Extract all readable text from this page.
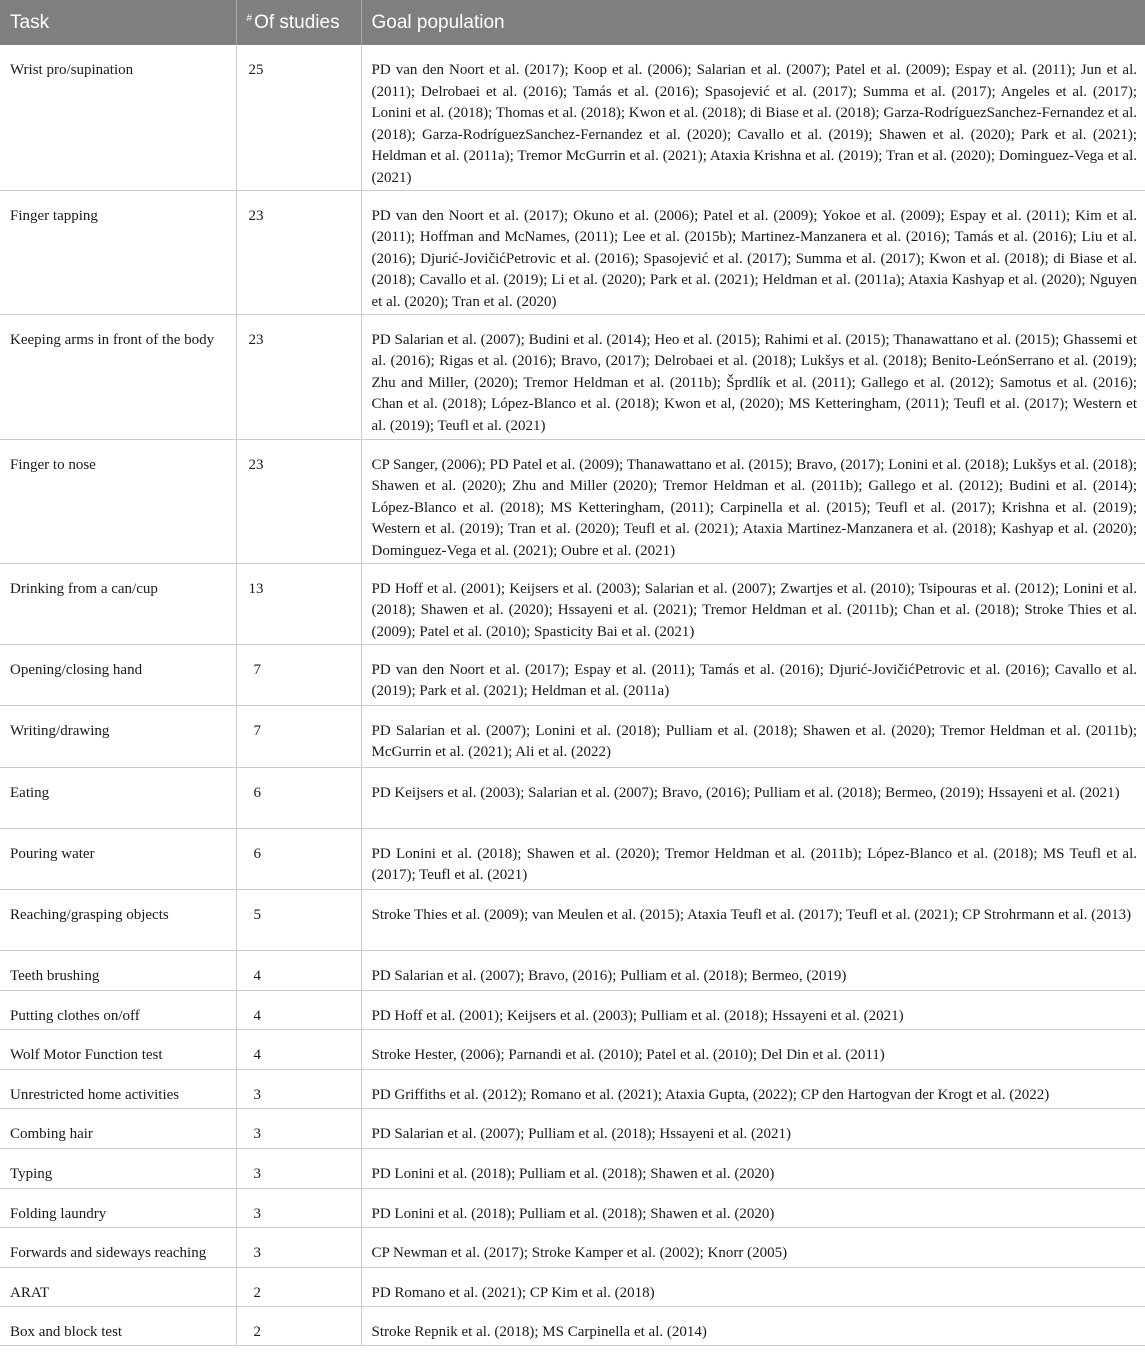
Task	# Of studies	Goal population
Wrist pro/supination	25	PD van den Noort et al. (2017); Koop et al. (2006); Salarian et al. (2007); Patel et al. (2009); Espay et al. (2011); Jun et al. (2011); Delrobaei et al. (2016); Tamás et al. (2016); Spasojević et al. (2017); Summa et al. (2017); Angeles et al. (2017); Lonini et al. (2018); Thomas et al. (2018); Kwon et al. (2018); di Biase et al. (2018); Garza-RodríguezSanchez-Fernandez et al. (2018); Garza-RodríguezSanchez-Fernandez et al. (2020); Cavallo et al. (2019); Shawen et al. (2020); Park et al. (2021); Heldman et al. (2011a); Tremor McGurrin et al. (2021); Ataxia Krishna et al. (2019); Tran et al. (2020); Dominguez-Vega et al. (2021)
Finger tapping	23	PD van den Noort et al. (2017); Okuno et al. (2006); Patel et al. (2009); Yokoe et al. (2009); Espay et al. (2011); Kim et al. (2011); Hoffman and McNames, (2011); Lee et al. (2015b); Martinez-Manzanera et al. (2016); Tamás et al. (2016); Liu et al. (2016); Djurić-JovičićPetrovic et al. (2016); Spasojević et al. (2017); Summa et al. (2017); Kwon et al. (2018); di Biase et al. (2018); Cavallo et al. (2019); Li et al. (2020); Park et al. (2021); Heldman et al. (2011a); Ataxia Kashyap et al. (2020); Nguyen et al. (2020); Tran et al. (2020)
Keeping arms in front of the body	23	PD Salarian et al. (2007); Budini et al. (2014); Heo et al. (2015); Rahimi et al. (2015); Thanawattano et al. (2015); Ghassemi et al. (2016); Rigas et al. (2016); Bravo, (2017); Delrobaei et al. (2018); Lukšys et al. (2018); Benito-LeónSerrano et al. (2019); Zhu and Miller, (2020); Tremor Heldman et al. (2011b); Šprdlík et al. (2011); Gallego et al. (2012); Samotus et al. (2016); Chan et al. (2018); López-Blanco et al. (2018); Kwon et al, (2020); MS Ketteringham, (2011); Teufl et al. (2017); Western et al. (2019); Teufl et al. (2021)
Finger to nose	23	CP Sanger, (2006); PD Patel et al. (2009); Thanawattano et al. (2015); Bravo, (2017); Lonini et al. (2018); Lukšys et al. (2018); Shawen et al. (2020); Zhu and Miller (2020); Tremor Heldman et al. (2011b); Gallego et al. (2012); Budini et al. (2014); López-Blanco et al. (2018); MS Ketteringham, (2011); Carpinella et al. (2015); Teufl et al. (2017); Krishna et al. (2019); Western et al. (2019); Tran et al. (2020); Teufl et al. (2021); Ataxia Martinez-Manzanera et al. (2018); Kashyap et al. (2020); Dominguez-Vega et al. (2021); Oubre et al. (2021)
Drinking from a can/cup	13	PD Hoff et al. (2001); Keijsers et al. (2003); Salarian et al. (2007); Zwartjes et al. (2010); Tsipouras et al. (2012); Lonini et al. (2018); Shawen et al. (2020); Hssayeni et al. (2021); Tremor Heldman et al. (2011b); Chan et al. (2018); Stroke Thies et al. (2009); Patel et al. (2010); Spasticity Bai et al. (2021)
Opening/closing hand	7	PD van den Noort et al. (2017); Espay et al. (2011); Tamás et al. (2016); Djurić-JovičićPetrovic et al. (2016); Cavallo et al. (2019); Park et al. (2021); Heldman et al. (2011a)
Writing/drawing	7	PD Salarian et al. (2007); Lonini et al. (2018); Pulliam et al. (2018); Shawen et al. (2020); Tremor Heldman et al. (2011b); McGurrin et al. (2021); Ali et al. (2022)
Eating	6	PD Keijsers et al. (2003); Salarian et al. (2007); Bravo, (2016); Pulliam et al. (2018); Bermeo, (2019); Hssayeni et al. (2021)
Pouring water	6	PD Lonini et al. (2018); Shawen et al. (2020); Tremor Heldman et al. (2011b); López-Blanco et al. (2018); MS Teufl et al. (2017); Teufl et al. (2021)
Reaching/grasping objects	5	Stroke Thies et al. (2009); van Meulen et al. (2015); Ataxia Teufl et al. (2017); Teufl et al. (2021); CP Strohrmann et al. (2013)
Teeth brushing	4	PD Salarian et al. (2007); Bravo, (2016); Pulliam et al. (2018); Bermeo, (2019)
Putting clothes on/off	4	PD Hoff et al. (2001); Keijsers et al. (2003); Pulliam et al. (2018); Hssayeni et al. (2021)
Wolf Motor Function test	4	Stroke Hester, (2006); Parnandi et al. (2010); Patel et al. (2010); Del Din et al. (2011)
Unrestricted home activities	3	PD Griffiths et al. (2012); Romano et al. (2021); Ataxia Gupta, (2022); CP den Hartogvan der Krogt et al. (2022)
Combing hair	3	PD Salarian et al. (2007); Pulliam et al. (2018); Hssayeni et al. (2021)
Typing	3	PD Lonini et al. (2018); Pulliam et al. (2018); Shawen et al. (2020)
Folding laundry	3	PD Lonini et al. (2018); Pulliam et al. (2018); Shawen et al. (2020)
Forwards and sideways reaching	3	CP Newman et al. (2017); Stroke Kamper et al. (2002); Knorr (2005)
ARAT	2	PD Romano et al. (2021); CP Kim et al. (2018)
Box and block test	2	Stroke Repnik et al. (2018); MS Carpinella et al. (2014)
